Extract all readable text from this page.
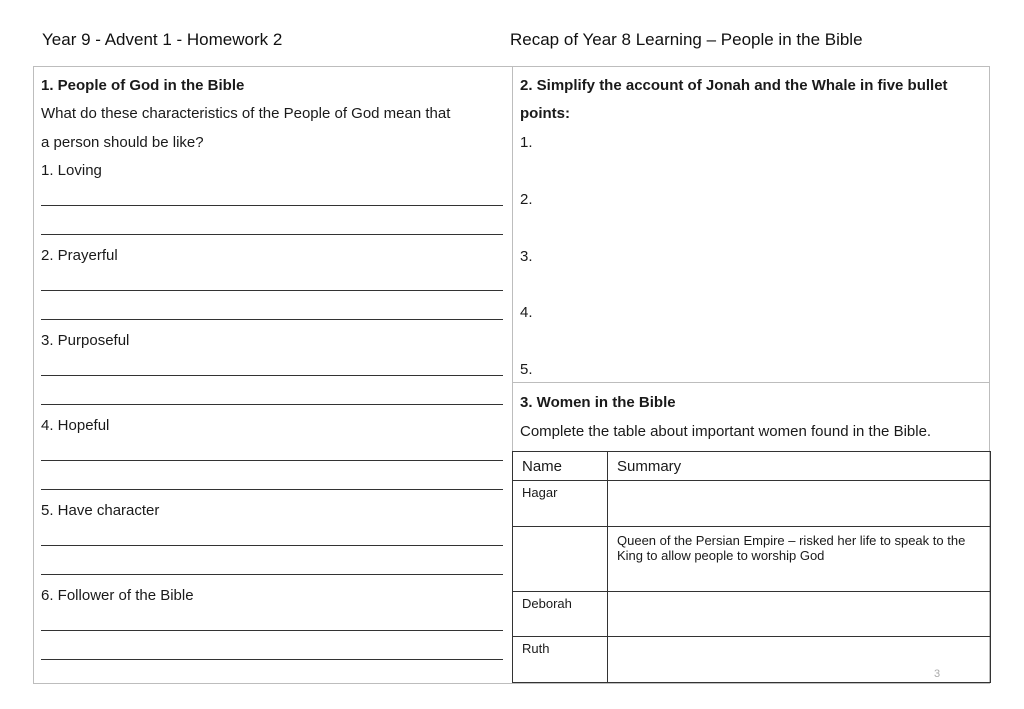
Year 9 - Advent 1 - Homework 2	Recap of Year 8 Learning – People in the Bible
1. People of God in the Bible
What do these characteristics of the People of God mean that
a person should be like?
1. Loving
2. Prayerful
3. Purposeful
4. Hopeful
5. Have character
6. Follower of the Bible
2. Simplify the account of Jonah and the Whale in five bullet
points:
1.
2.
3.
4.
5.
3. Women in the Bible
Complete the table about important women found in the Bible.
Name	Summary
Hagar	
	Queen of the Persian Empire – risked her life to speak to the King to allow people to worship God
Deborah	
Ruth	
3
